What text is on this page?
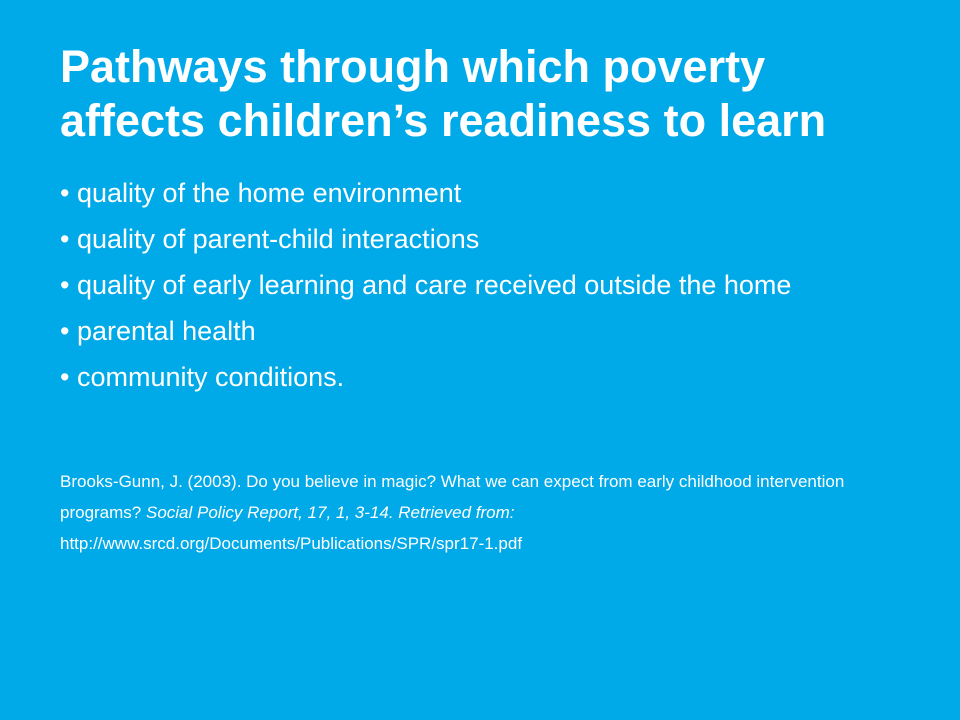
Pathways through which poverty
affects children’s readiness to learn
• quality of the home environment
• quality of parent-child interactions
• quality of early learning and care received outside the home
• parental health
• community conditions.

Brooks-Gunn, J. (2003). Do you believe in magic? What we can expect from early childhood intervention programs? Social Policy Report, 17, 1, 3-14. Retrieved from:
http://www.srcd.org/Documents/Publications/SPR/spr17-1.pdf
